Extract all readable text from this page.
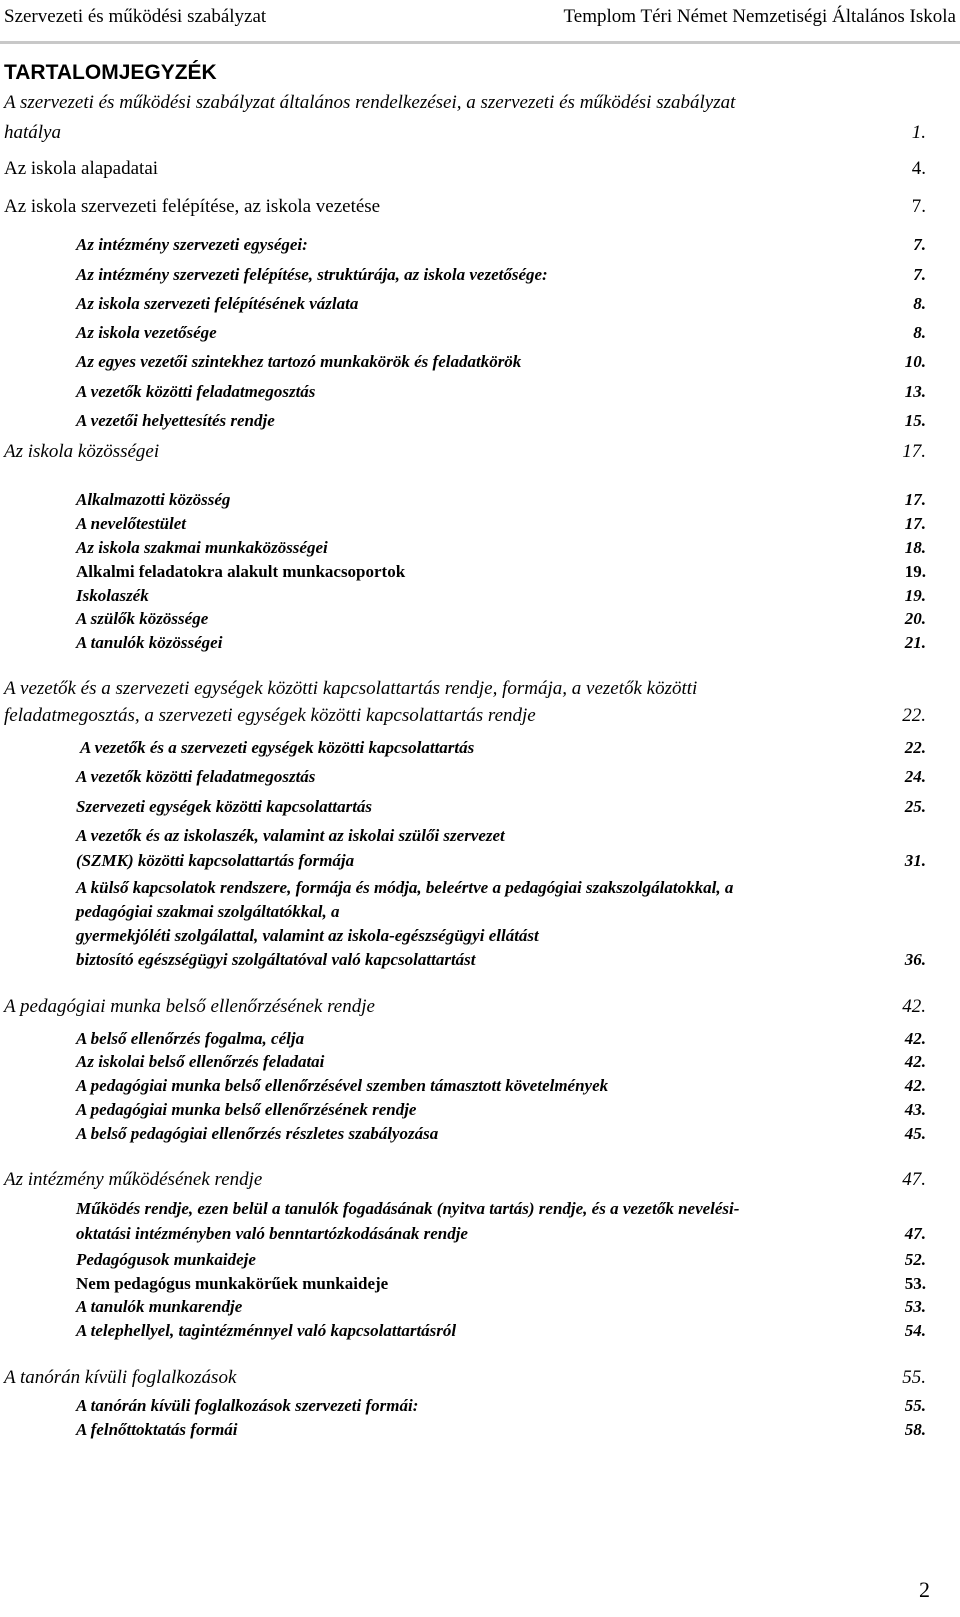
Szervezeti és működési szabályzat	Templom Téri Német Nemzetiségi Általános Iskola
TARTALOMJEGYZÉK
A szervezeti és működési szabályzat általános rendelkezései, a szervezeti és működési szabályzat
hatálya	1.
Az iskola alapadatai	4.
Az iskola szervezeti felépítése, az iskola vezetése	7.
Az intézmény szervezeti egységei:	7.
Az intézmény szervezeti felépítése, struktúrája, az iskola vezetősége:	7.
Az iskola szervezeti felépítésének vázlata	8.
Az iskola vezetősége	8.
Az egyes vezetői szintekhez tartozó munkakörök és feladatkörök	10.
A vezetők közötti feladatmegosztás	13.
A vezetői helyettesítés rendje	15.
Az iskola közösségei	17.
Alkalmazotti közösség	17.
A nevelőtestület	17.
Az iskola szakmai munkaközösségei	18.
Alkalmi feladatokra alakult munkacsoportok	19.
Iskolaszék	19.
A szülők közössége	20.
A tanulók közösségei	21.
A vezetők és a szervezeti egységek közötti kapcsolattartás rendje, formája, a vezetők közötti
feladatmegosztás, a szervezeti egységek közötti kapcsolattartás rendje	22.
A vezetők és a szervezeti egységek közötti kapcsolattartás	22.
A vezetők közötti feladatmegosztás	24.
Szervezeti egységek közötti kapcsolattartás	25.
A vezetők és az iskolaszék, valamint az iskolai szülői szervezet
(SZMK) közötti kapcsolattartás formája	31.
A külső kapcsolatok rendszere, formája és módja, beleértve a pedagógiai szakszolgálatokkal, a
pedagógiai szakmai szolgáltatókkal, a
gyermekjóléti szolgálattal, valamint az iskola-egészségügyi ellátást
biztosító egészségügyi szolgáltatóval való kapcsolattartást	36.
A pedagógiai munka belső ellenőrzésének rendje	42.
A belső ellenőrzés fogalma, célja	42.
Az iskolai belső ellenőrzés feladatai	42.
A pedagógiai munka belső ellenőrzésével szemben támasztott követelmények	42.
A pedagógiai munka belső ellenőrzésének rendje	43.
A belső pedagógiai ellenőrzés részletes szabályozása	45.
Az intézmény működésének rendje	47.
Működés rendje, ezen belül a tanulók fogadásának (nyitva tartás) rendje, és a vezetők nevelési-
oktatási intézményben való benntartózkodásának rendje	47.
Pedagógusok munkaideje	52.
Nem pedagógus munkakörűek munkaideje	53.
A tanulók munkarendje	53.
A telephellyel, tagintézménnyel való kapcsolattartásról	54.
A tanórán kívüli foglalkozások	55.
A tanórán kívüli foglalkozások szervezeti formái:	55.
A felnőttoktatás formái	58.
2
